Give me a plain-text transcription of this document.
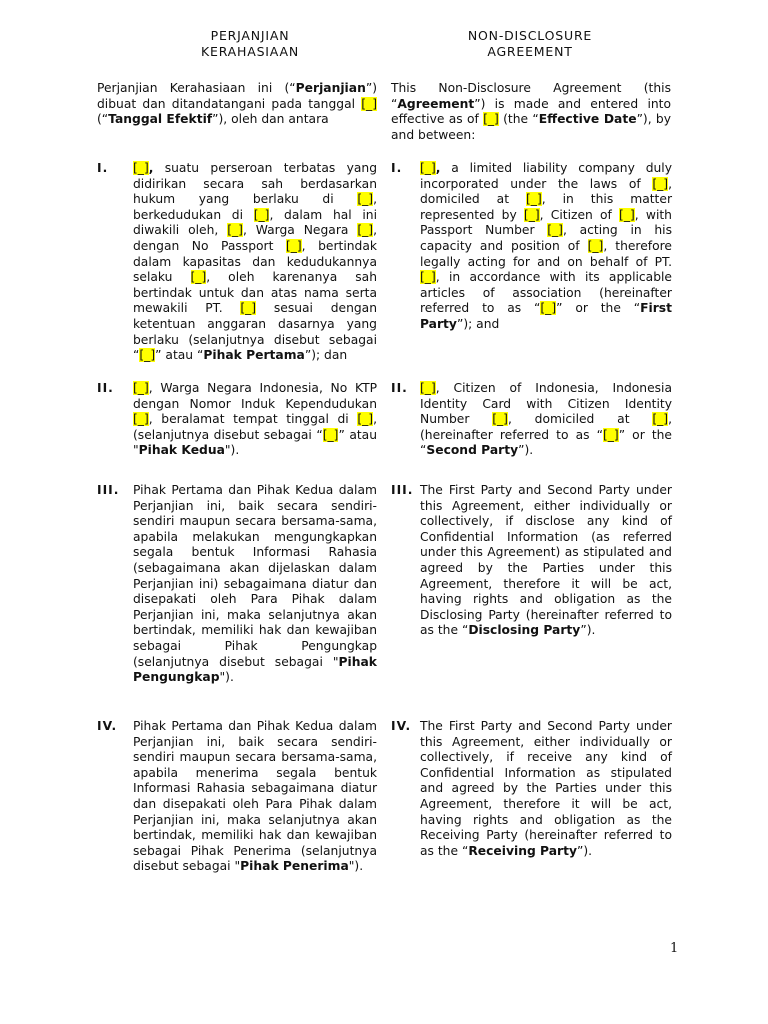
PERJANJIAN
KERAHASIAAN
NON-DISCLOSURE
AGREEMENT
Perjanjian Kerahasiaan ini (“Perjanjian”) dibuat dan ditandatangani pada tanggal [_] (“Tanggal Efektif”), oleh dan antara
This Non-Disclosure Agreement (this “Agreement”) is made and entered into effective as of [_] (the “Effective Date”), by and between:
I. [_], suatu perseroan terbatas yang didirikan secara sah berdasarkan hukum yang berlaku di [_], berkedudukan di [_], dalam hal ini diwakili oleh, [_], Warga Negara [_], dengan No Passport [_], bertindak dalam kapasitas dan kedudukannya selaku [_], oleh karenanya sah bertindak untuk dan atas nama serta mewakili PT. [_] sesuai dengan ketentuan anggaran dasarnya yang berlaku (selanjutnya disebut sebagai “[_]” atau “Pihak Pertama”); dan
I. [_], a limited liability company duly incorporated under the laws of [_], domiciled at [_], in this matter represented by [_], Citizen of [_], with Passport Number [_], acting in his capacity and position of [_], therefore legally acting for and on behalf of PT. [_], in accordance with its applicable articles of association (hereinafter referred to as “[_]” or the “First Party”); and
II. [_], Warga Negara Indonesia, No KTP dengan Nomor Induk Kependudukan [_], beralamat tempat tinggal di [_], (selanjutnya disebut sebagai “[_]” atau "Pihak Kedua").
II. [_], Citizen of Indonesia, Indonesia Identity Card with Citizen Identity Number [_], domiciled at [_], (hereinafter referred to as “[_]” or the “Second Party”).
III. Pihak Pertama dan Pihak Kedua dalam Perjanjian ini, baik secara sendiri-sendiri maupun secara bersama-sama, apabila melakukan mengungkapkan segala bentuk Informasi Rahasia (sebagaimana akan dijelaskan dalam Perjanjian ini) sebagaimana diatur dan disepakati oleh Para Pihak dalam Perjanjian ini, maka selanjutnya akan bertindak, memiliki hak dan kewajiban sebagai Pihak Pengungkap (selanjutnya disebut sebagai "Pihak Pengungkap").
III. The First Party and Second Party under this Agreement, either individually or collectively, if disclose any kind of Confidential Information (as referred under this Agreement) as stipulated and agreed by the Parties under this Agreement, therefore it will be act, having rights and obligation as the Disclosing Party (hereinafter referred to as the “Disclosing Party”).
IV. Pihak Pertama dan Pihak Kedua dalam Perjanjian ini, baik secara sendiri-sendiri maupun secara bersama-sama, apabila menerima segala bentuk Informasi Rahasia sebagaimana diatur dan disepakati oleh Para Pihak dalam Perjanjian ini, maka selanjutnya akan bertindak, memiliki hak dan kewajiban sebagai Pihak Penerima (selanjutnya disebut sebagai "Pihak Penerima").
IV. The First Party and Second Party under this Agreement, either individually or collectively, if receive any kind of Confidential Information as stipulated and agreed by the Parties under this Agreement, therefore it will be act, having rights and obligation as the Receiving Party (hereinafter referred to as the “Receiving Party”).
1
